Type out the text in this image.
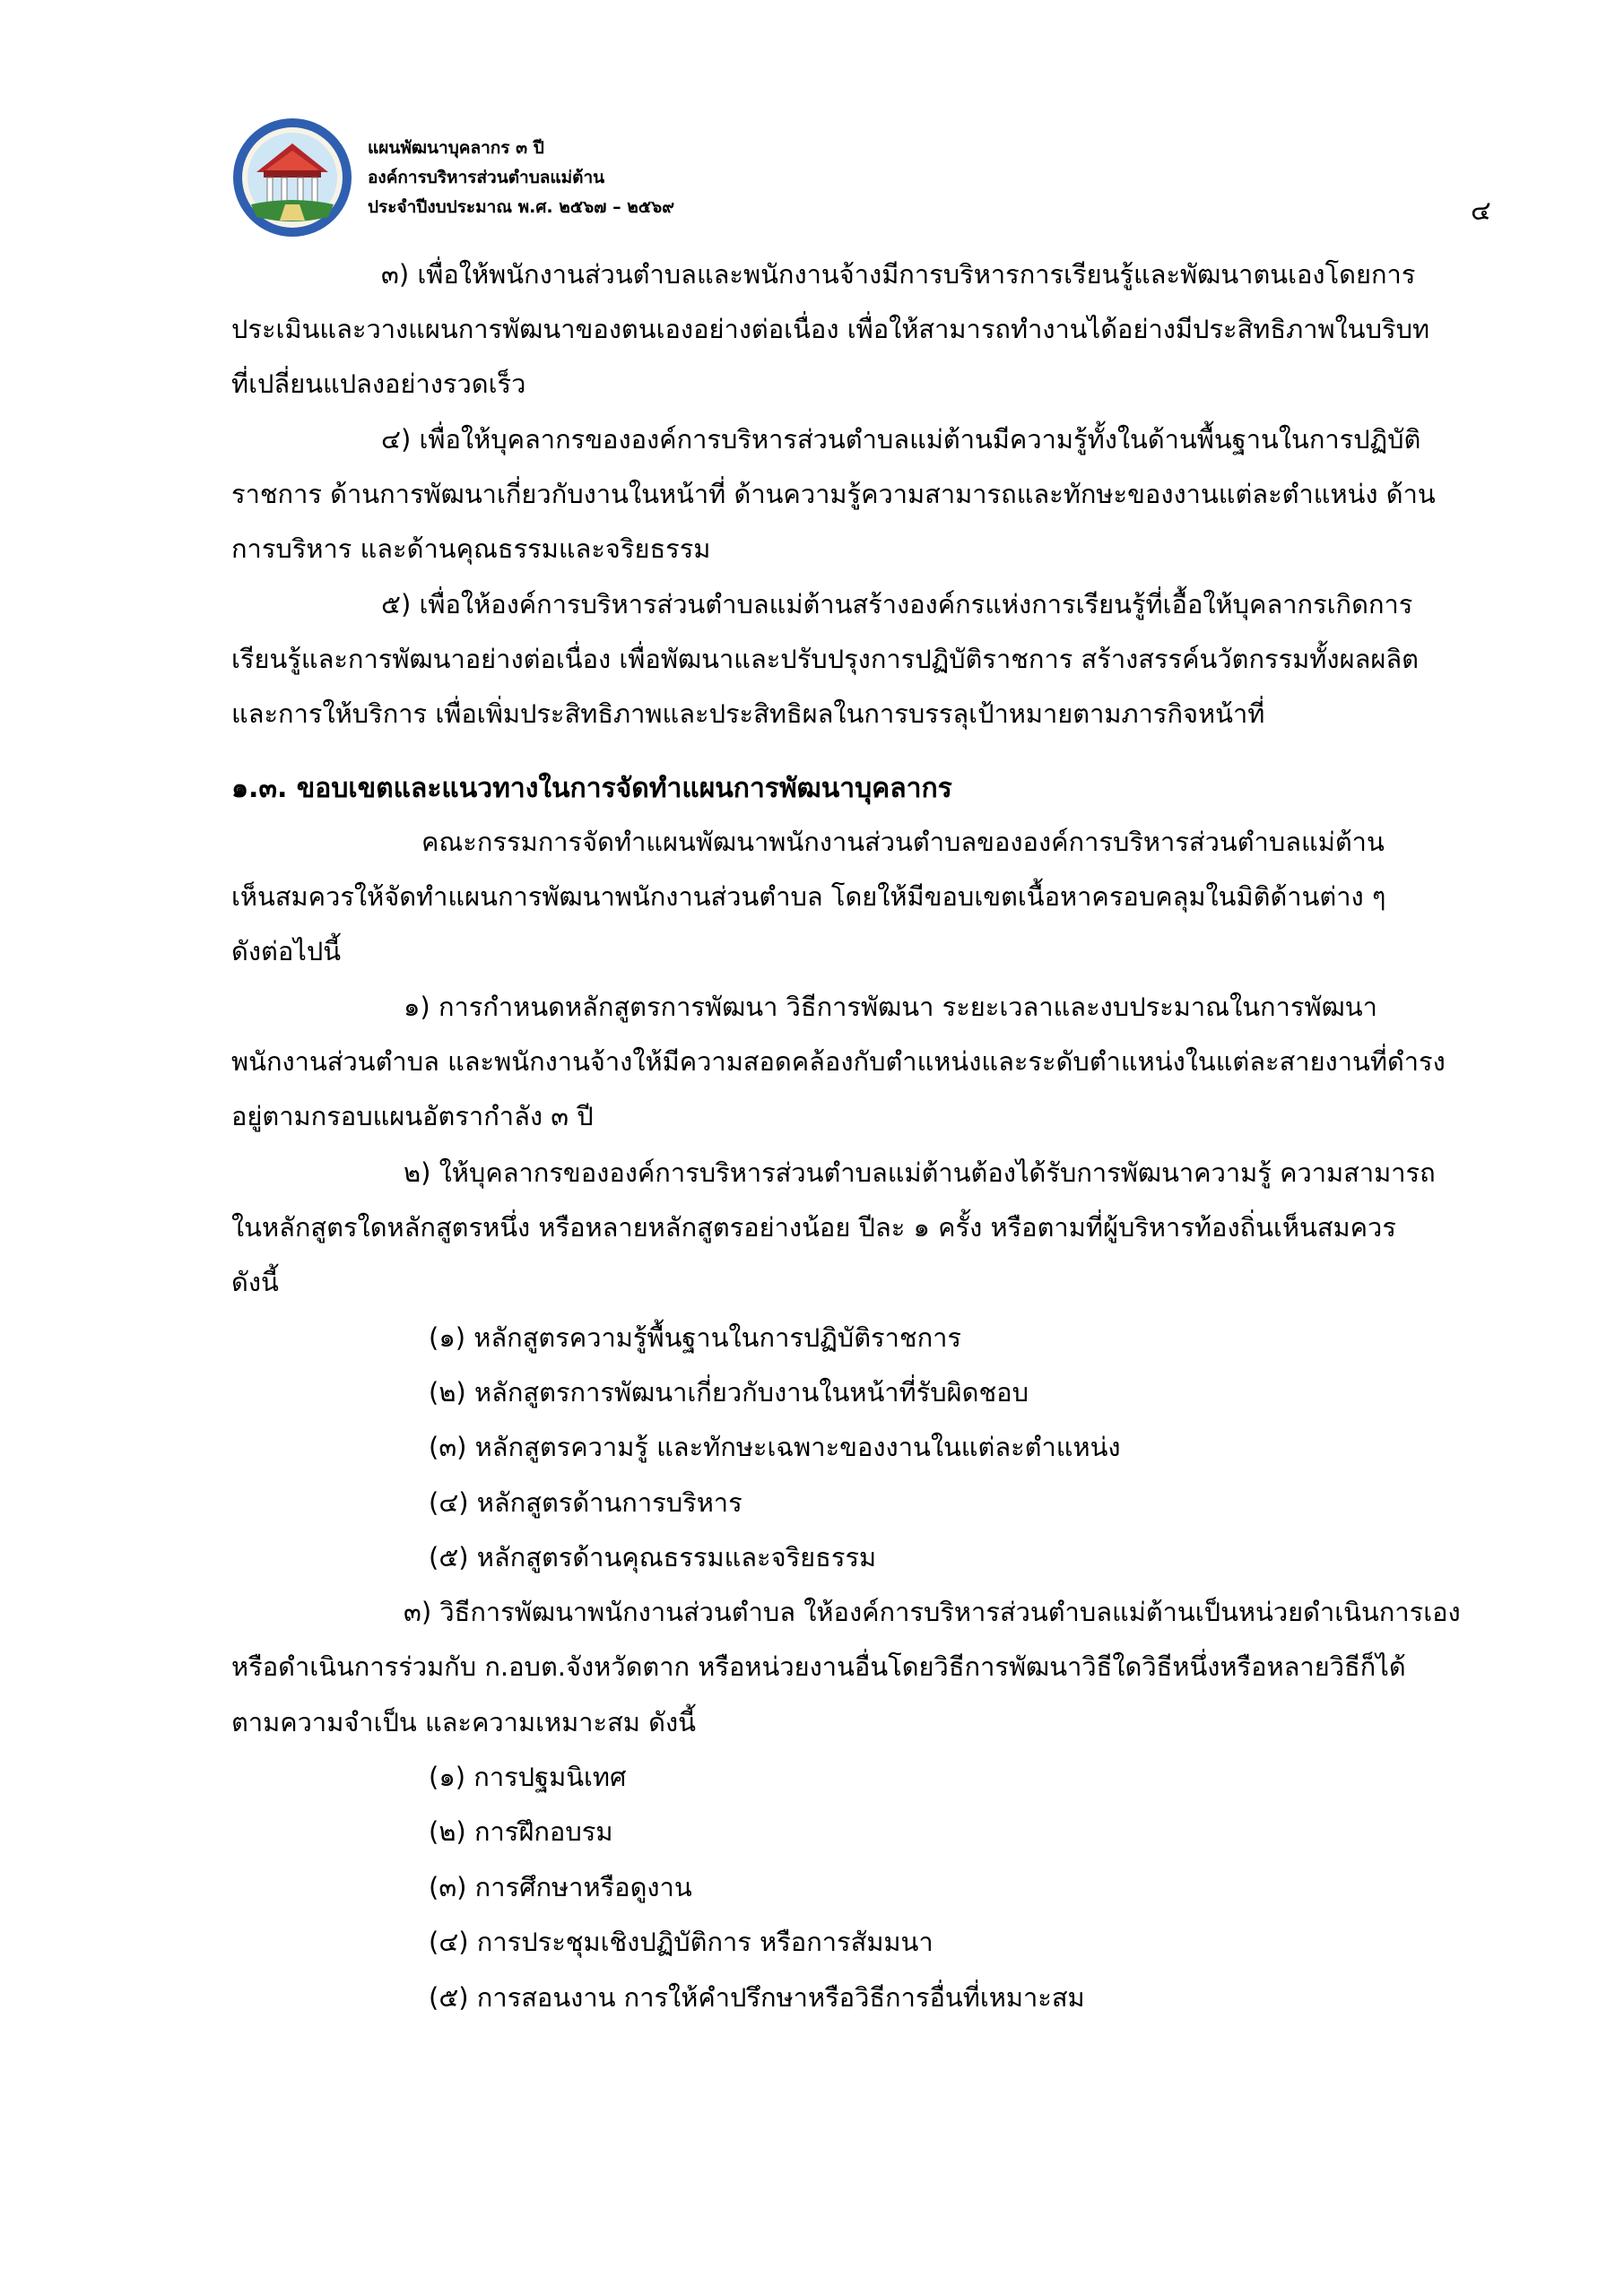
แผนพัฒนาบุคลากร ๓ ปี
องค์การบริหารส่วนตำบลแม่ต้าน
ประจำปีงบประมาณ พ.ศ. ๒๕๖๗ – ๒๕๖๙	๔
๓) เพื่อให้พนักงานส่วนตำบลและพนักงานจ้างมีการบริหารการเรียนรู้และพัฒนาตนเองโดยการ
ประเมินและวางแผนการพัฒนาของตนเองอย่างต่อเนื่อง เพื่อให้สามารถทำงานได้อย่างมีประสิทธิภาพในบริบท
ที่เปลี่ยนแปลงอย่างรวดเร็ว
๔) เพื่อให้บุคลากรขององค์การบริหารส่วนตำบลแม่ต้านมีความรู้ทั้งในด้านพื้นฐานในการปฏิบัติ
ราชการ ด้านการพัฒนาเกี่ยวกับงานในหน้าที่ ด้านความรู้ความสามารถและทักษะของงานแต่ละตำแหน่ง ด้าน
การบริหาร และด้านคุณธรรมและจริยธรรม
๕) เพื่อให้องค์การบริหารส่วนตำบลแม่ต้านสร้างองค์กรแห่งการเรียนรู้ที่เอื้อให้บุคลากรเกิดการ
เรียนรู้และการพัฒนาอย่างต่อเนื่อง เพื่อพัฒนาและปรับปรุงการปฏิบัติราชการ สร้างสรรค์นวัตกรรมทั้งผลผลิต
และการให้บริการ เพื่อเพิ่มประสิทธิภาพและประสิทธิผลในการบรรลุเป้าหมายตามภารกิจหน้าที่
๑.๓. ขอบเขตและแนวทางในการจัดทำแผนการพัฒนาบุคลากร
คณะกรรมการจัดทำแผนพัฒนาพนักงานส่วนตำบลขององค์การบริหารส่วนตำบลแม่ต้าน
เห็นสมควรให้จัดทำแผนการพัฒนาพนักงานส่วนตำบล โดยให้มีขอบเขตเนื้อหาครอบคลุมในมิติด้านต่าง ๆ
ดังต่อไปนี้
๑) การกำหนดหลักสูตรการพัฒนา วิธีการพัฒนา ระยะเวลาและงบประมาณในการพัฒนา
พนักงานส่วนตำบล และพนักงานจ้างให้มีความสอดคล้องกับตำแหน่งและระดับตำแหน่งในแต่ละสายงานที่ดำรง
อยู่ตามกรอบแผนอัตรากำลัง ๓ ปี
๒) ให้บุคลากรขององค์การบริหารส่วนตำบลแม่ต้านต้องได้รับการพัฒนาความรู้ ความสามารถ
ในหลักสูตรใดหลักสูตรหนึ่ง หรือหลายหลักสูตรอย่างน้อย ปีละ ๑ ครั้ง หรือตามที่ผู้บริหารท้องถิ่นเห็นสมควร
ดังนี้
(๑) หลักสูตรความรู้พื้นฐานในการปฏิบัติราชการ
(๒) หลักสูตรการพัฒนาเกี่ยวกับงานในหน้าที่รับผิดชอบ
(๓) หลักสูตรความรู้ และทักษะเฉพาะของงานในแต่ละตำแหน่ง
(๔) หลักสูตรด้านการบริหาร
(๕) หลักสูตรด้านคุณธรรมและจริยธรรม
๓) วิธีการพัฒนาพนักงานส่วนตำบล ให้องค์การบริหารส่วนตำบลแม่ต้านเป็นหน่วยดำเนินการเอง
หรือดำเนินการร่วมกับ ก.อบต.จังหวัดตาก หรือหน่วยงานอื่นโดยวิธีการพัฒนาวิธีใดวิธีหนึ่งหรือหลายวิธีก็ได้
ตามความจำเป็น และความเหมาะสม ดังนี้
(๑) การปฐมนิเทศ
(๒) การฝึกอบรม
(๓) การศึกษาหรือดูงาน
(๔) การประชุมเชิงปฏิบัติการ หรือการสัมมนา
(๕) การสอนงาน การให้คำปรึกษาหรือวิธีการอื่นที่เหมาะสม
